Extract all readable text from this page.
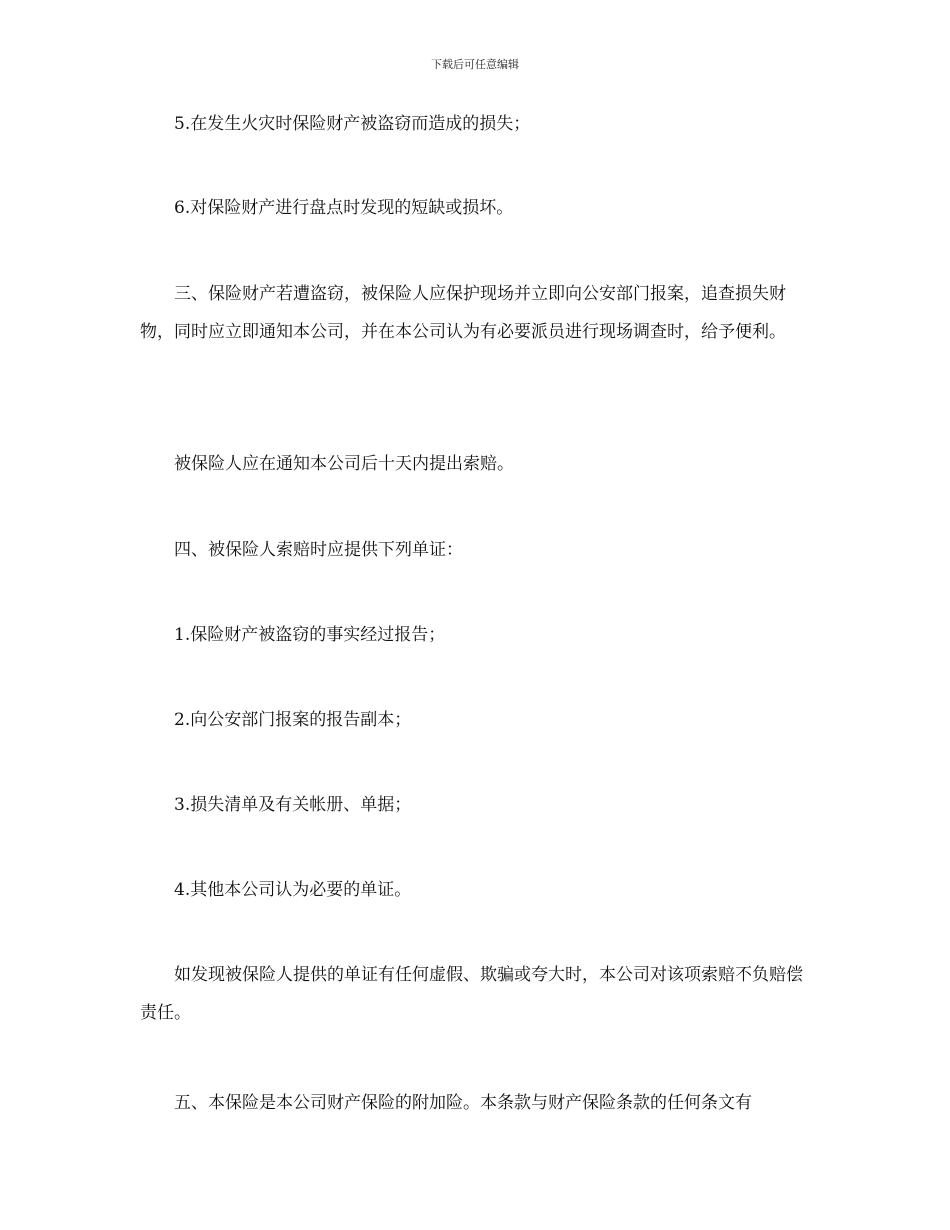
下载后可任意编辑

5.在发生火灾时保险财产被盗窃而造成的损失；

6.对保险财产进行盘点时发现的短缺或损坏。

三、保险财产若遭盗窃，被保险人应保护现场并立即向公安部门报案，追查损失财物，同时应立即通知本公司，并在本公司认为有必要派员进行现场调查时，给予便利。

被保险人应在通知本公司后十天内提出索赔。

四、被保险人索赔时应提供下列单证：

1.保险财产被盗窃的事实经过报告；

2.向公安部门报案的报告副本；

3.损失清单及有关帐册、单据；

4.其他本公司认为必要的单证。

如发现被保险人提供的单证有任何虚假、欺骗或夸大时，本公司对该项索赔不负赔偿责任。

五、本保险是本公司财产保险的附加险。本条款与财产保险条款的任何条文有
